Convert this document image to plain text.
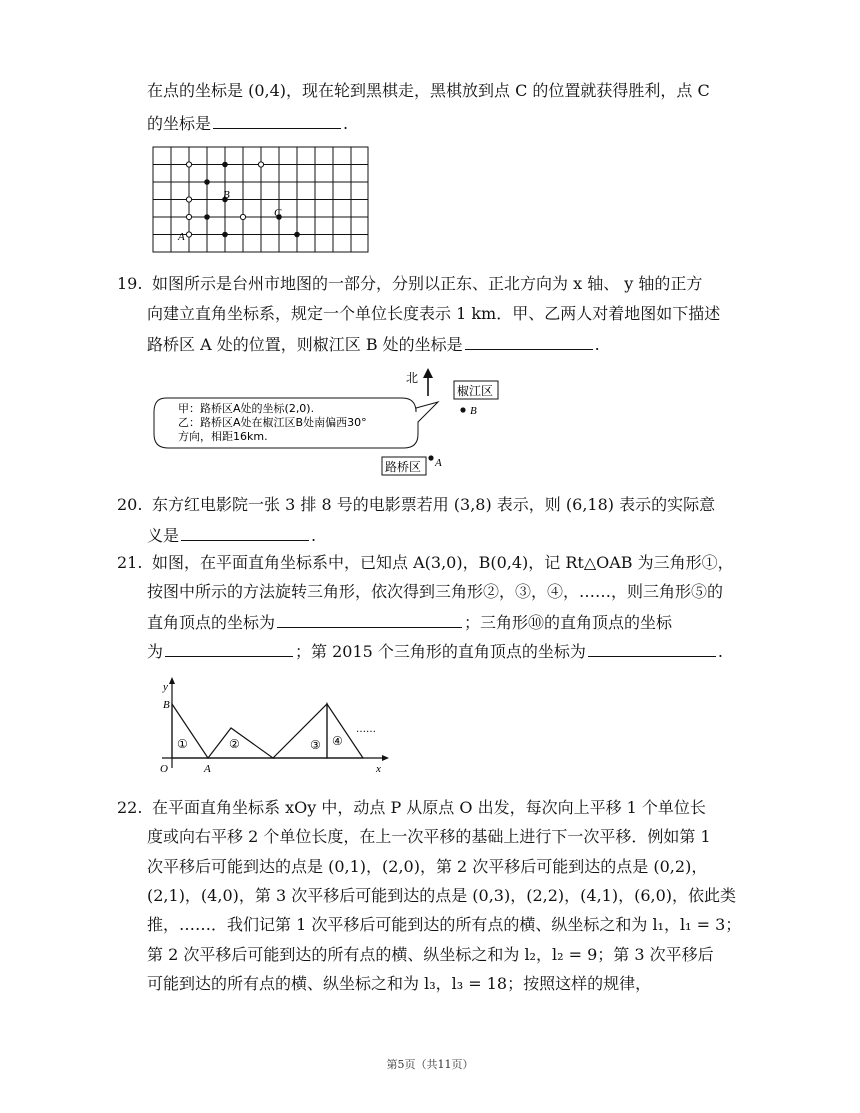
在点的坐标是 (0,4)，现在轮到黑棋走，黑棋放到点 C 的位置就获得胜利，点 C
的坐标是	.
B
C
A
19. 如图所示是台州市地图的一部分，分别以正东、正北方向为 x 轴、 y 轴的正方
向建立直角坐标系，规定一个单位长度表示 1 km．甲、乙两人对着地图如下描述
路桥区 A 处的位置，则椒江区 B 处的坐标是	.
北
椒江区
B
甲：路桥区A处的坐标(2,0).
乙：路桥区A处在椒江区B处南偏西30°
方向，相距16km.
路桥区 A
20. 东方红电影院一张 3 排 8 号的电影票若用 (3,8) 表示，则 (6,18) 表示的实际意
义是	.
21. 如图，在平面直角坐标系中，已知点 A(3,0)，B(0,4)，记 Rt△OAB 为三角形①，
按图中所示的方法旋转三角形，依次得到三角形②，③，④，……，则三角形⑤的
直角顶点的坐标为	；三角形⑩的直角顶点的坐标
为	；第 2015 个三角形的直角顶点的坐标为	.
y
B
O	A	x
①	②	③ ④
……
22. 在平面直角坐标系 xOy 中，动点 P 从原点 O 出发，每次向上平移 1 个单位长
度或向右平移 2 个单位长度，在上一次平移的基础上进行下一次平移．例如第 1
次平移后可能到达的点是 (0,1)，(2,0)，第 2 次平移后可能到达的点是 (0,2)，
(2,1)，(4,0)，第 3 次平移后可能到达的点是 (0,3)，(2,2)，(4,1)，(6,0)，依此类
推，……．我们记第 1 次平移后可能到达的所有点的横、纵坐标之和为 l₁，l₁ = 3；
第 2 次平移后可能到达的所有点的横、纵坐标之和为 l₂，l₂ = 9；第 3 次平移后
可能到达的所有点的横、纵坐标之和为 l₃，l₃ = 18；按照这样的规律，
第5页（共11页）
